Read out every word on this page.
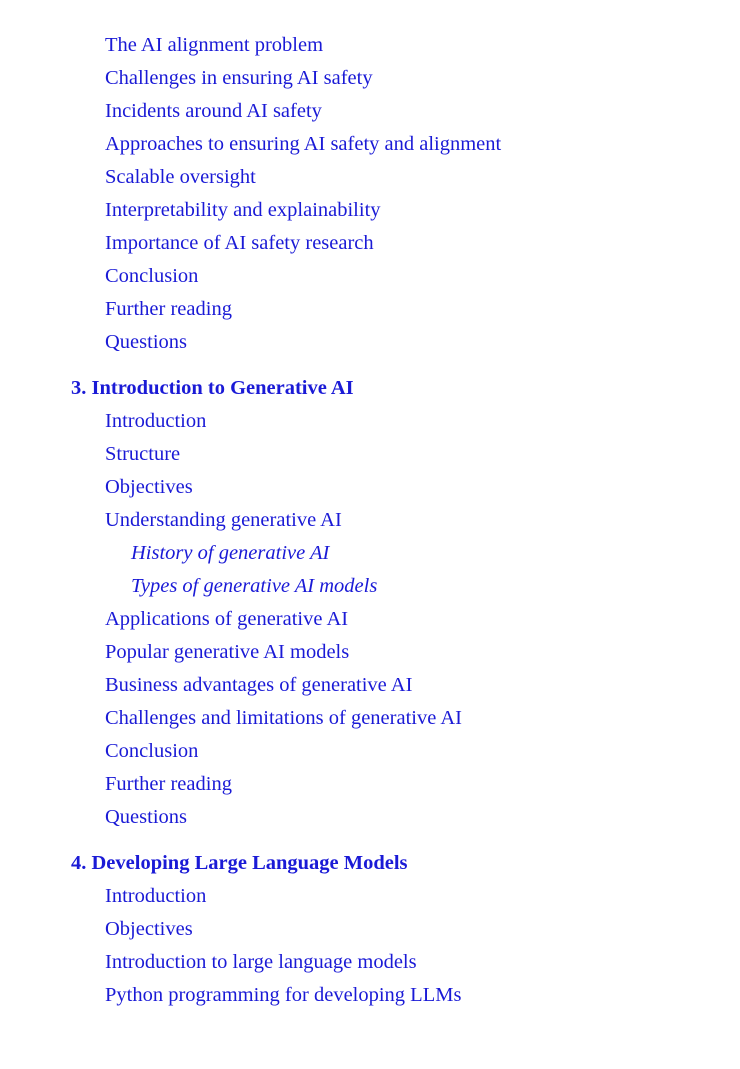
The AI alignment problem
Challenges in ensuring AI safety
Incidents around AI safety
Approaches to ensuring AI safety and alignment
Scalable oversight
Interpretability and explainability
Importance of AI safety research
Conclusion
Further reading
Questions
3. Introduction to Generative AI
Introduction
Structure
Objectives
Understanding generative AI
History of generative AI
Types of generative AI models
Applications of generative AI
Popular generative AI models
Business advantages of generative AI
Challenges and limitations of generative AI
Conclusion
Further reading
Questions
4. Developing Large Language Models
Introduction
Objectives
Introduction to large language models
Python programming for developing LLMs
